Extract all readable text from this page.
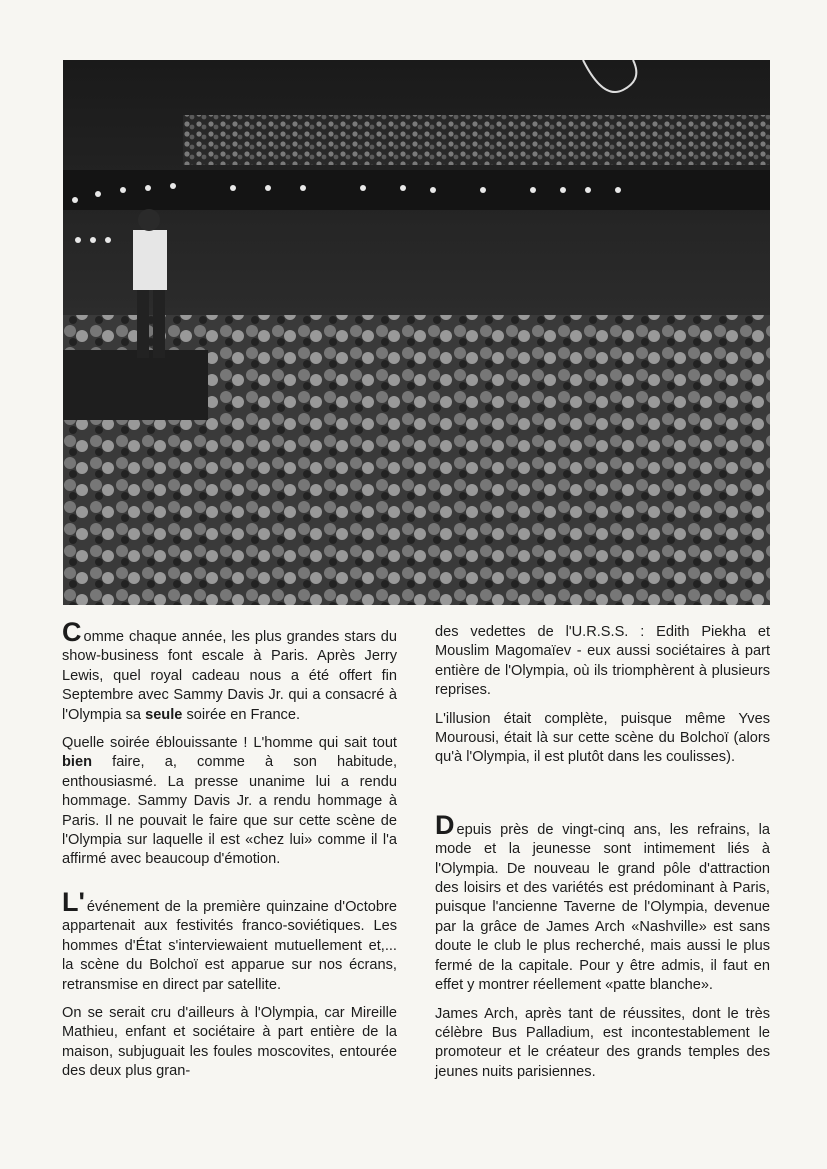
Comme chaque année, les plus grandes stars du show-business font escale à Paris. Après Jerry Lewis, quel royal cadeau nous a été offert fin Septembre avec Sammy Davis Jr. qui a consacré à l'Olympia sa seule soirée en France.

Quelle soirée éblouissante ! L'homme qui sait tout bien faire, a, comme à son habitude, enthousiasmé. La presse unanime lui a rendu hommage. Sammy Davis Jr. a rendu hommage à Paris. Il ne pouvait le faire que sur cette scène de l'Olympia sur laquelle il est «chez lui» comme il l'a affirmé avec beaucoup d'émotion.

L' événement de la première quinzaine d'Octobre appartenait aux festivités franco-soviétiques. Les hommes d'État s'interviewaient mutuellement et,... la scène du Bolchoï est apparue sur nos écrans, retransmise en direct par satellite.

On se serait cru d'ailleurs à l'Olympia, car Mireille Mathieu, enfant et sociétaire à part entière de la maison, subjuguait les foules moscovites, entourée des deux plus gran-

des vedettes de l'U.R.S.S. : Edith Piekha et Mouslim Magomaïev - eux aussi sociétaires à part entière de l'Olympia, où ils triomphèrent à plusieurs reprises.

L'illusion était complète, puisque même Yves Mourousi, était là sur cette scène du Bolchoï (alors qu'à l'Olympia, il est plutôt dans les coulisses).

Depuis près de vingt-cinq ans, les refrains, la mode et la jeunesse sont intimement liés à l'Olympia. De nouveau le grand pôle d'attraction des loisirs et des variétés est prédominant à Paris, puisque l'ancienne Taverne de l'Olympia, devenue par la grâce de James Arch «Nashville» est sans doute le club le plus recherché, mais aussi le plus fermé de la capitale. Pour y être admis, il faut en effet y montrer réellement «patte blanche».

James Arch, après tant de réussites, dont le très célèbre Bus Palladium, est incontestablement le promoteur et le créateur des grands temples des jeunes nuits parisiennes.
